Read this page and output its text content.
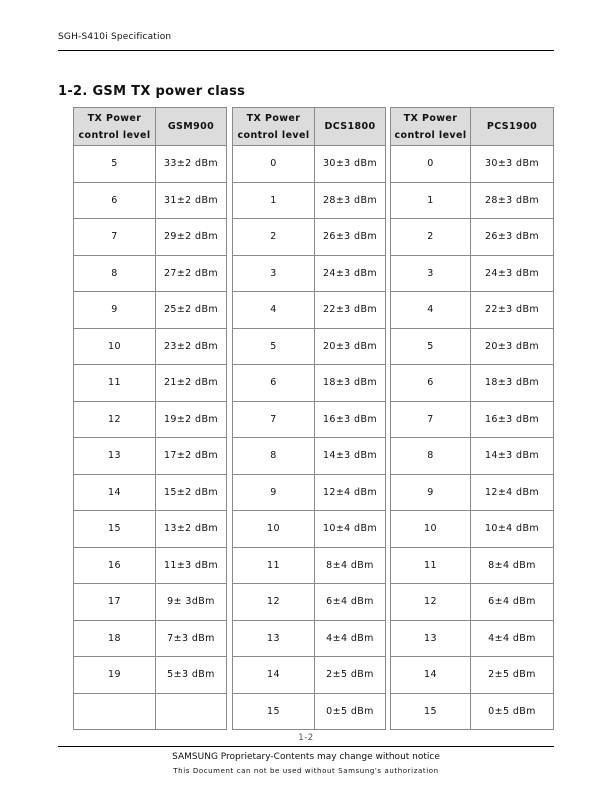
SGH-S410i Specification
1-2. GSM TX power class
TX Power control level	GSM900
5	33±2 dBm
6	31±2 dBm
7	29±2 dBm
8	27±2 dBm
9	25±2 dBm
10	23±2 dBm
11	21±2 dBm
12	19±2 dBm
13	17±2 dBm
14	15±2 dBm
15	13±2 dBm
16	11±3 dBm
17	9± 3dBm
18	7±3 dBm
19	5±3 dBm

TX Power control level	DCS1800
0	30±3 dBm
1	28±3 dBm
2	26±3 dBm
3	24±3 dBm
4	22±3 dBm
5	20±3 dBm
6	18±3 dBm
7	16±3 dBm
8	14±3 dBm
9	12±4 dBm
10	10±4 dBm
11	8±4 dBm
12	6±4 dBm
13	4±4 dBm
14	2±5 dBm
15	0±5 dBm
TX Power control level	PCS1900
0	30±3 dBm
1	28±3 dBm
2	26±3 dBm
3	24±3 dBm
4	22±3 dBm
5	20±3 dBm
6	18±3 dBm
7	16±3 dBm
8	14±3 dBm
9	12±4 dBm
10	10±4 dBm
11	8±4 dBm
12	6±4 dBm
13	4±4 dBm
14	2±5 dBm
15	0±5 dBm
1-2
SAMSUNG Proprietary-Contents may change without notice
This Document can not be used without Samsung's authorization
